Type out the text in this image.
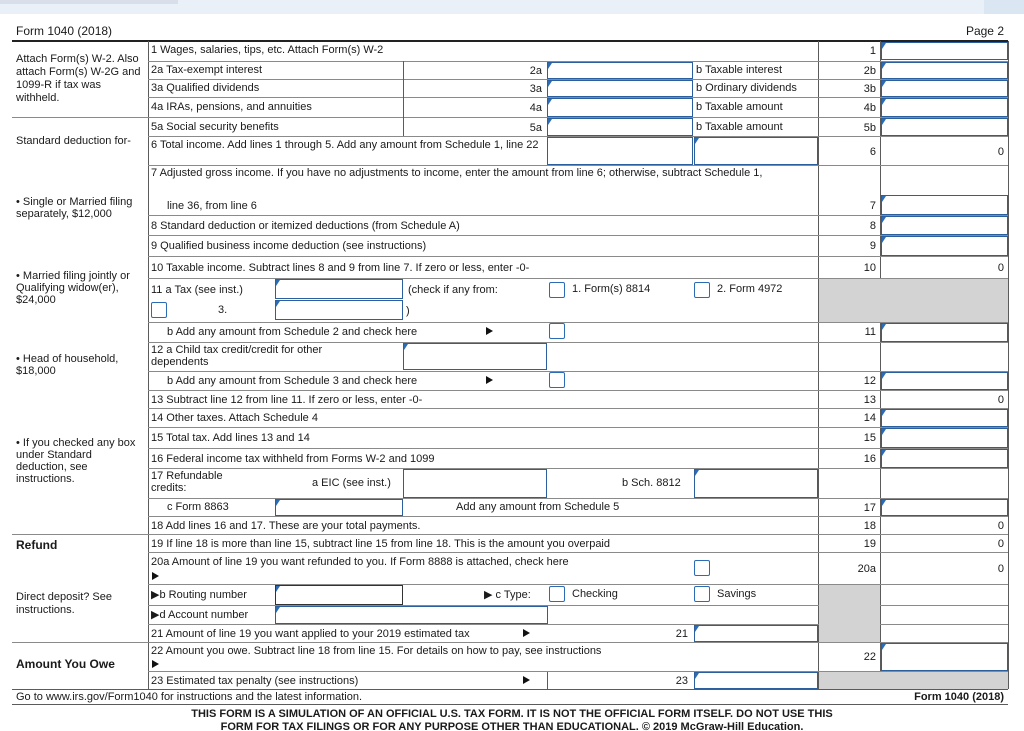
Form 1040 (2018)	Page 2
Attach Form(s) W-2. Also attach Form(s) W-2G and 1099-R if tax was withheld.
Standard deduction for-
• Single or Married filing separately, $12,000
• Married filing jointly or Qualifying widow(er), $24,000
• Head of household, $18,000
• If you checked any box under Standard deduction, see instructions.
Refund
Direct deposit? See instructions.
Amount You Owe
1 Wages, salaries, tips, etc. Attach Form(s) W-2	1
2a Tax-exempt interest	2a	b Taxable interest	2b
3a Qualified dividends	3a	b Ordinary dividends	3b
4a IRAs, pensions, and annuities	4a	b Taxable amount	4b
5a Social security benefits	5a	b Taxable amount	5b
6 Total income. Add lines 1 through 5. Add any amount from Schedule 1, line 22
6	0
7 Adjusted gross income. If you have no adjustments to income, enter the amount from line 6; otherwise, subtract Schedule 1,
line 36, from line 6	7
8 Standard deduction or itemized deductions (from Schedule A)	8
9 Qualified business income deduction (see instructions)	9
10 Taxable income. Subtract lines 8 and 9 from line 7. If zero or less, enter -0-	10	0
11 a Tax (see inst.)	(check if any from:	1. Form(s) 8814	2. Form 4972
3.	)
b Add any amount from Schedule 2 and check here	11
12 a Child tax credit/credit for other dependents
b Add any amount from Schedule 3 and check here	12
13 Subtract line 12 from line 11. If zero or less, enter -0-	13	0
14 Other taxes. Attach Schedule 4	14
15 Total tax. Add lines 13 and 14	15
16 Federal income tax withheld from Forms W-2 and 1099	16
17 Refundable credits:	a EIC (see inst.)	b Sch. 8812
c Form 8863	Add any amount from Schedule 5	17
18 Add lines 16 and 17. These are your total payments.	18	0
19 If line 18 is more than line 15, subtract line 15 from line 18. This is the amount you overpaid	19	0
20a Amount of line 19 you want refunded to you. If Form 8888 is attached, check here
20a	0
▶b Routing number	▶ c Type:	Checking	Savings
▶d Account number
21 Amount of line 19 you want applied to your 2019 estimated tax	21
22 Amount you owe. Subtract line 18 from line 15. For details on how to pay, see instructions	22
23 Estimated tax penalty (see instructions)	23
Go to www.irs.gov/Form1040 for instructions and the latest information.	Form 1040 (2018)
THIS FORM IS A SIMULATION OF AN OFFICIAL U.S. TAX FORM. IT IS NOT THE OFFICIAL FORM ITSELF. DO NOT USE THIS
FORM FOR TAX FILINGS OR FOR ANY PURPOSE OTHER THAN EDUCATIONAL. © 2019 McGraw-Hill Education.
